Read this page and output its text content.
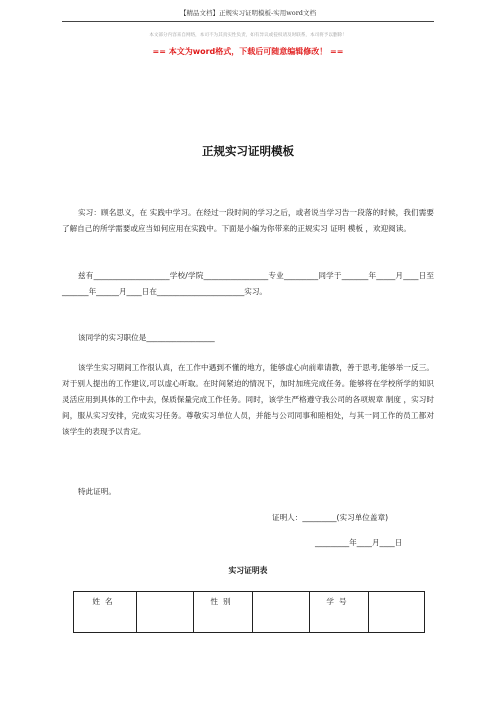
【精品文档】正规实习证明模板-实用word文档
本文部分内容来自网络，本司不为其真实性负责，如有异议或侵权请及时联系，本司将予以删除！
== 本文为word格式，下载后可随意编辑修改！ ==
正规实习证明模板

实习：顾名思义，在 实践中学习。在经过一段时间的学习之后，或者说当学习告一段落的时候，我们需要了解自己的所学需要或应当如何应用在实践中。下面是小编为你带来的正规实习 证明 模板 ，欢迎阅读。

兹有____________________学校/学院_________________专业_________同学于_______年_____月____日至_______年______月____日在_______________________实习。

该同学的实习职位是__________________

该学生实习期间工作很认真，在工作中遇到不懂的地方，能够虚心向前辈请教，善于思考,能够举一反三。对于别人提出的工作建议,可以虚心听取。在时间紧迫的情况下，加时加班完成任务。能够将在学校所学的知识灵活应用到具体的工作中去，保质保量完成工作任务。同时，该学生严格遵守我公司的各项规章 制度 ，实习时间，服从实习安排，完成实习任务。尊敬实习单位人员，并能与公司同事和睦相处，与其一同工作的员工都对该学生的表现予以肯定。

特此证明。

证明人：_________(实习单位盖章)
_________年____月____日
实习证明表
姓名		性别		学号	
